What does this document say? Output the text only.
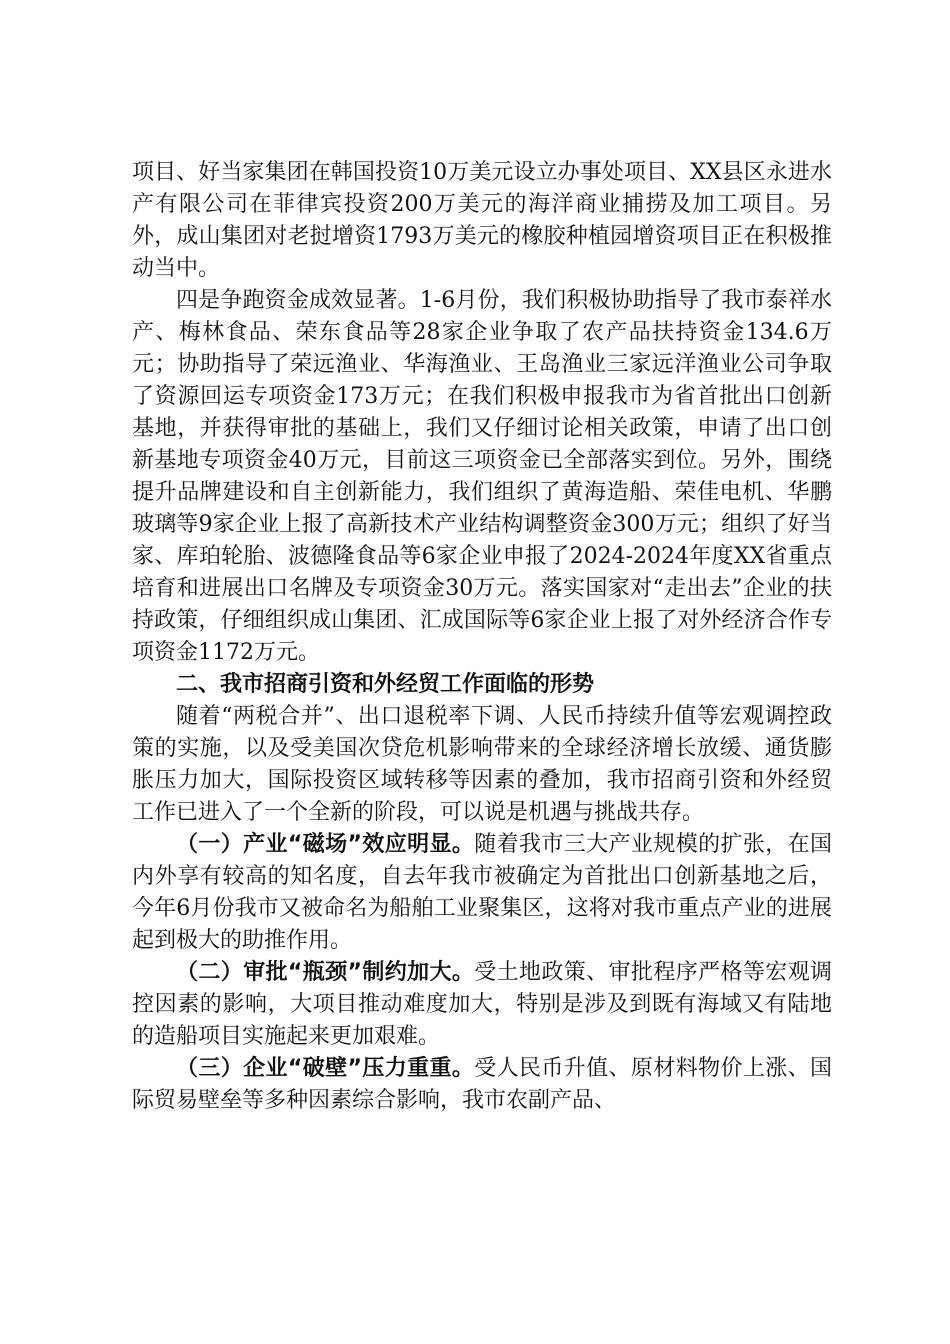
项目、好当家集团在韩国投资10万美元设立办事处项目、XX县区永进水产有限公司在菲律宾投资200万美元的海洋商业捕捞及加工项目。另外，成山集团对老挝增资1793万美元的橡胶种植园增资项目正在积极推动当中。

四是争跑资金成效显著。1-6月份，我们积极协助指导了我市泰祥水产、梅林食品、荣东食品等28家企业争取了农产品扶持资金134.6万元；协助指导了荣远渔业、华海渔业、王岛渔业三家远洋渔业公司争取了资源回运专项资金173万元；在我们积极申报我市为省首批出口创新基地，并获得审批的基础上，我们又仔细讨论相关政策，申请了出口创新基地专项资金40万元，目前这三项资金已全部落实到位。另外，围绕提升品牌建设和自主创新能力，我们组织了黄海造船、荣佳电机、华鹏玻璃等9家企业上报了高新技术产业结构调整资金300万元；组织了好当家、库珀轮胎、波德隆食品等6家企业申报了2024-2024年度XX省重点培育和进展出口名牌及专项资金30万元。落实国家对“走出去”企业的扶持政策，仔细组织成山集团、汇成国际等6家企业上报了对外经济合作专项资金1172万元。

二、我市招商引资和外经贸工作面临的形势

随着“两税合并”、出口退税率下调、人民币持续升值等宏观调控政策的实施，以及受美国次贷危机影响带来的全球经济增长放缓、通货膨胀压力加大，国际投资区域转移等因素的叠加，我市招商引资和外经贸工作已进入了一个全新的阶段，可以说是机遇与挑战共存。

（一）产业“磁场”效应明显。随着我市三大产业规模的扩张，在国内外享有较高的知名度，自去年我市被确定为首批出口创新基地之后，今年6月份我市又被命名为船舶工业聚集区，这将对我市重点产业的进展起到极大的助推作用。

（二）审批“瓶颈”制约加大。受土地政策、审批程序严格等宏观调控因素的影响，大项目推动难度加大，特别是涉及到既有海域又有陆地的造船项目实施起来更加艰难。

（三）企业“破壁”压力重重。受人民币升值、原材料物价上涨、国际贸易壁垒等多种因素综合影响，我市农副产品、
